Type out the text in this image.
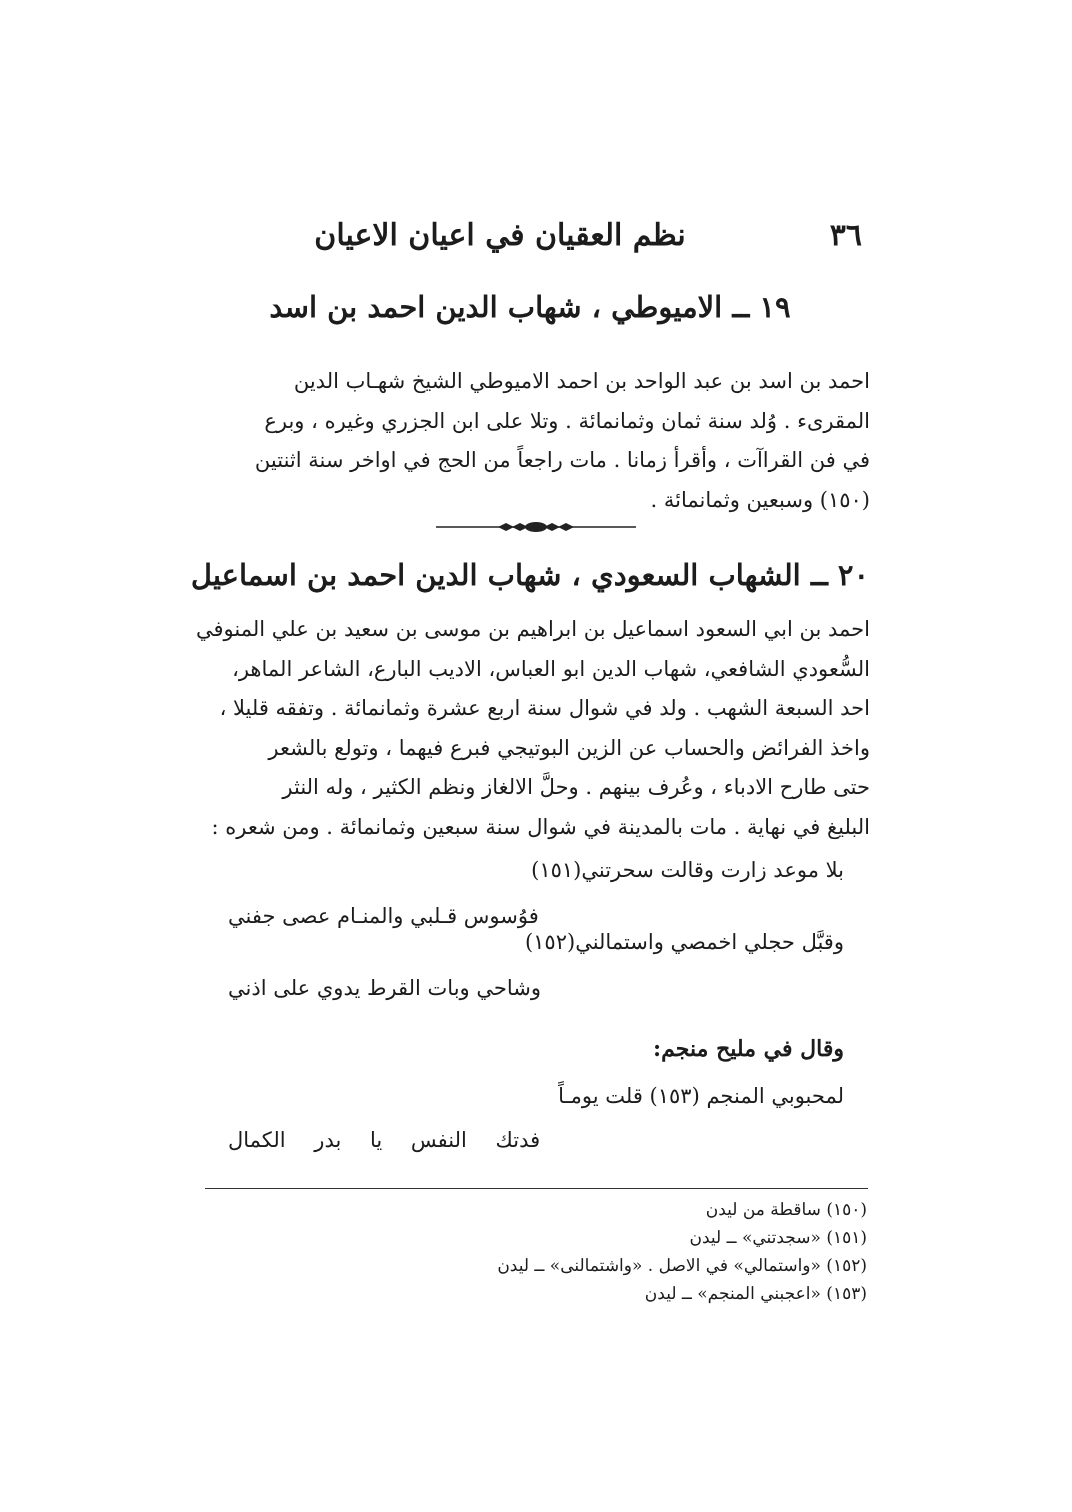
٣٦
نظم العقيان في اعيان الاعيان
١٩ ــ الاميوطي ، شهاب الدين احمد بن اسد
احمد بن اسد بن عبد الواحد بن احمد الاميوطي الشيخ شهـاب الدين
المقرىء . وُلد سنة ثمان وثمانمائة . وتلا على ابن الجزري وغيره ، وبرع
في فن القراآت ، وأقرأ زمانا . مات راجعاً من الحج في اواخر سنة اثنتين
(١٥٠) وسبعين وثمانمائة .
٢٠ ــ الشهاب السعودي ، شهاب الدين احمد بن اسماعيل
احمد بن ابي السعود اسماعيل بن ابراهيم بن موسى بن سعيد بن علي المنوفي
السُّعودي الشافعي، شهاب الدين ابو العباس، الاديب البارع، الشاعر الماهر،
احد السبعة الشهب . ولد في شوال سنة اربع عشرة وثمانمائة . وتفقه قليلا ،
واخذ الفرائض والحساب عن الزين البوتيجي فبرع فيهما ، وتولع بالشعر
حتى طارح الادباء ، وعُرف بينهم . وحلَّ الالغاز ونظم الكثير ، وله النثر
البليغ في نهاية . مات بالمدينة في شوال سنة سبعين وثمانمائة . ومن شعره :
بلا موعد زارت وقالت سحرتني(١٥١)
فوُسوس قـلبي والمنـام عصى جفني
وقبَّل حجلي اخمصي واستمالني(١٥٢)
وشاحي وبات القرط يدوي على اذني
وقال في مليح منجم:
لمحبوبي المنجم (١٥٣) قلت يومـاً
فدتك النفس يا بدر الكمال
(١٥٠) ساقطة من ليدن
(١٥١) «سجدتني» ــ ليدن
(١٥٢) «واستمالي» في الاصل . «واشتمالنى» ــ ليدن
(١٥٣) «اعجبني المنجم» ــ ليدن
